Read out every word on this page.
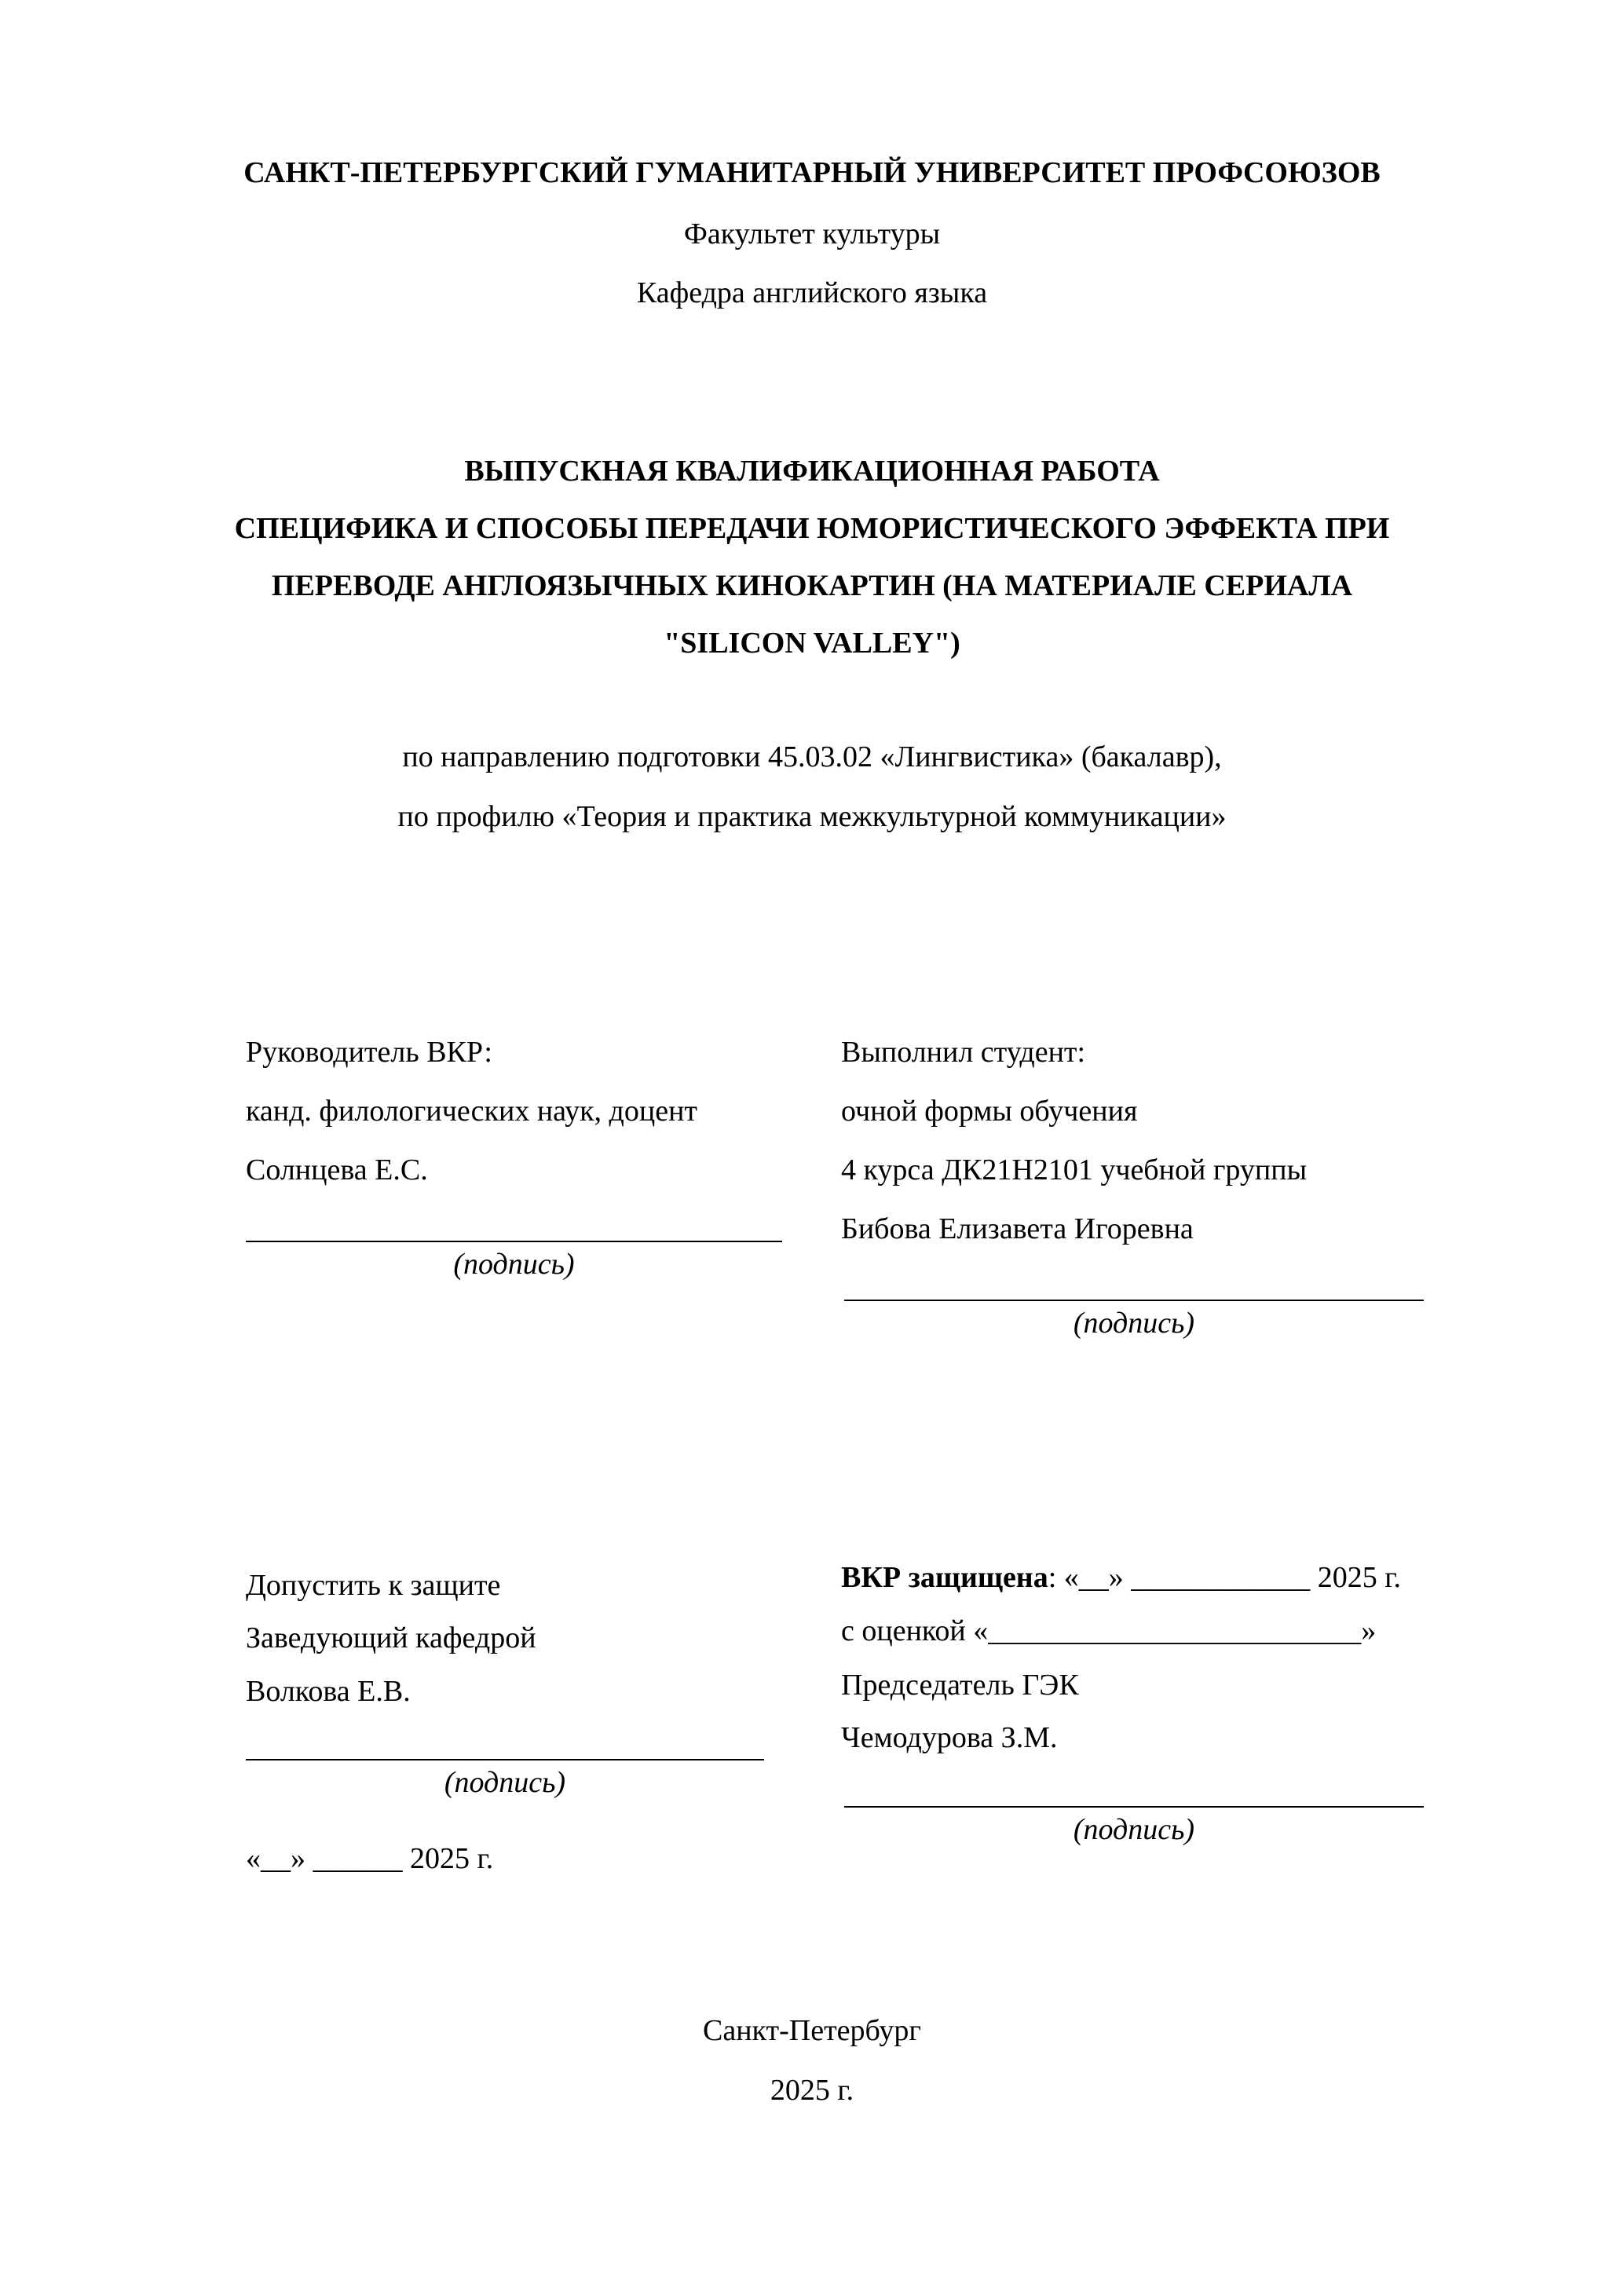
САНКТ-ПЕТЕРБУРГСКИЙ ГУМАНИТАРНЫЙ УНИВЕРСИТЕТ ПРОФСОЮЗОВ
Факультет культуры
Кафедра английского языка
ВЫПУСКНАЯ КВАЛИФИКАЦИОННАЯ РАБОТА
СПЕЦИФИКА И СПОСОБЫ ПЕРЕДАЧИ ЮМОРИСТИЧЕСКОГО ЭФФЕКТА ПРИ
ПЕРЕВОДЕ АНГЛОЯЗЫЧНЫХ КИНОКАРТИН (НА МАТЕРИАЛЕ СЕРИАЛА
"SILICON VALLEY")
по направлению подготовки 45.03.02 «Лингвистика» (бакалавр),
по профилю «Теория и практика межкультурной коммуникации»
Руководитель ВКР:
канд. филологических наук, доцент
Солнцева Е.С.
(подпись)
Выполнил студент:
очной формы обучения
4 курса ДК21Н2101 учебной группы
Бибова Елизавета Игоревна
(подпись)
Допустить к защите
Заведующий кафедрой
Волкова Е.В.
(подпись)
«__» ______ 2025 г.
ВКР защищена: «__» ____________ 2025 г.
с оценкой «_________________________»
Председатель ГЭК
Чемодурова З.М.
(подпись)
Санкт-Петербург
2025 г.
